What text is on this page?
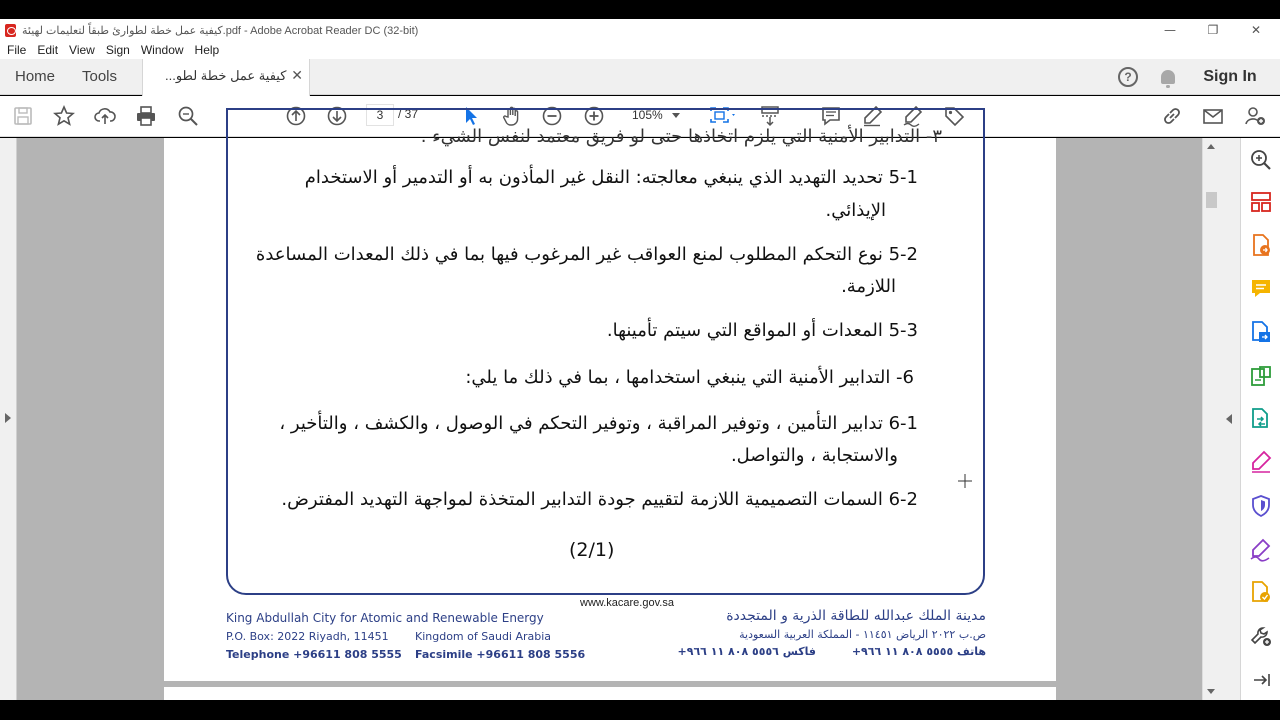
كيفية عمل خطة لطوارئ طبقاً لتعليمات لهيئة.pdf - Adobe Acrobat Reader DC (32-bit)	—	❐	✕
File Edit View Sign Window Help
Home Tools	كيفية عمل خطة لطو... ✕	?	Sign In
3	/ 37	105%
٣- التدابير الأمنية التي يلزم اتخاذها حتى لو فريق معتمد لنفس الشيء .
5-1 تحديد التهديد الذي ينبغي معالجته: النقل غير المأذون به أو التدمير أو الاستخدام
الإيذائي.
5-2 نوع التحكم المطلوب لمنع العواقب غير المرغوب فيها بما في ذلك المعدات المساعدة
اللازمة.
5-3 المعدات أو المواقع التي سيتم تأمينها.
6- التدابير الأمنية التي ينبغي استخدامها ، بما في ذلك ما يلي:
6-1 تدابير التأمين ، وتوفير المراقبة ، وتوفير التحكم في الوصول ، والكشف ، والتأخير ،
والاستجابة ، والتواصل.
6-2 السمات التصميمية اللازمة لتقييم جودة التدابير المتخذة لمواجهة التهديد المفترض.
(2/1)
www.kacare.gov.sa
King Abdullah City for Atomic and Renewable Energy
P.O. Box: 2022 Riyadh, 11451 Kingdom of Saudi Arabia
Telephone +96611 808 5555 Facsimile +96611 808 5556
مدينة الملك عبدالله للطاقة الذرية و المتجددة
ص.ب ٢٠٢٢ الرياض ١١٤٥١ - المملكة العربية السعودية
هاتف ٥٥٥٥ ٨٠٨ ١١ ٩٦٦+
فاكس ٥٥٥٦ ٨٠٨ ١١ ٩٦٦+
